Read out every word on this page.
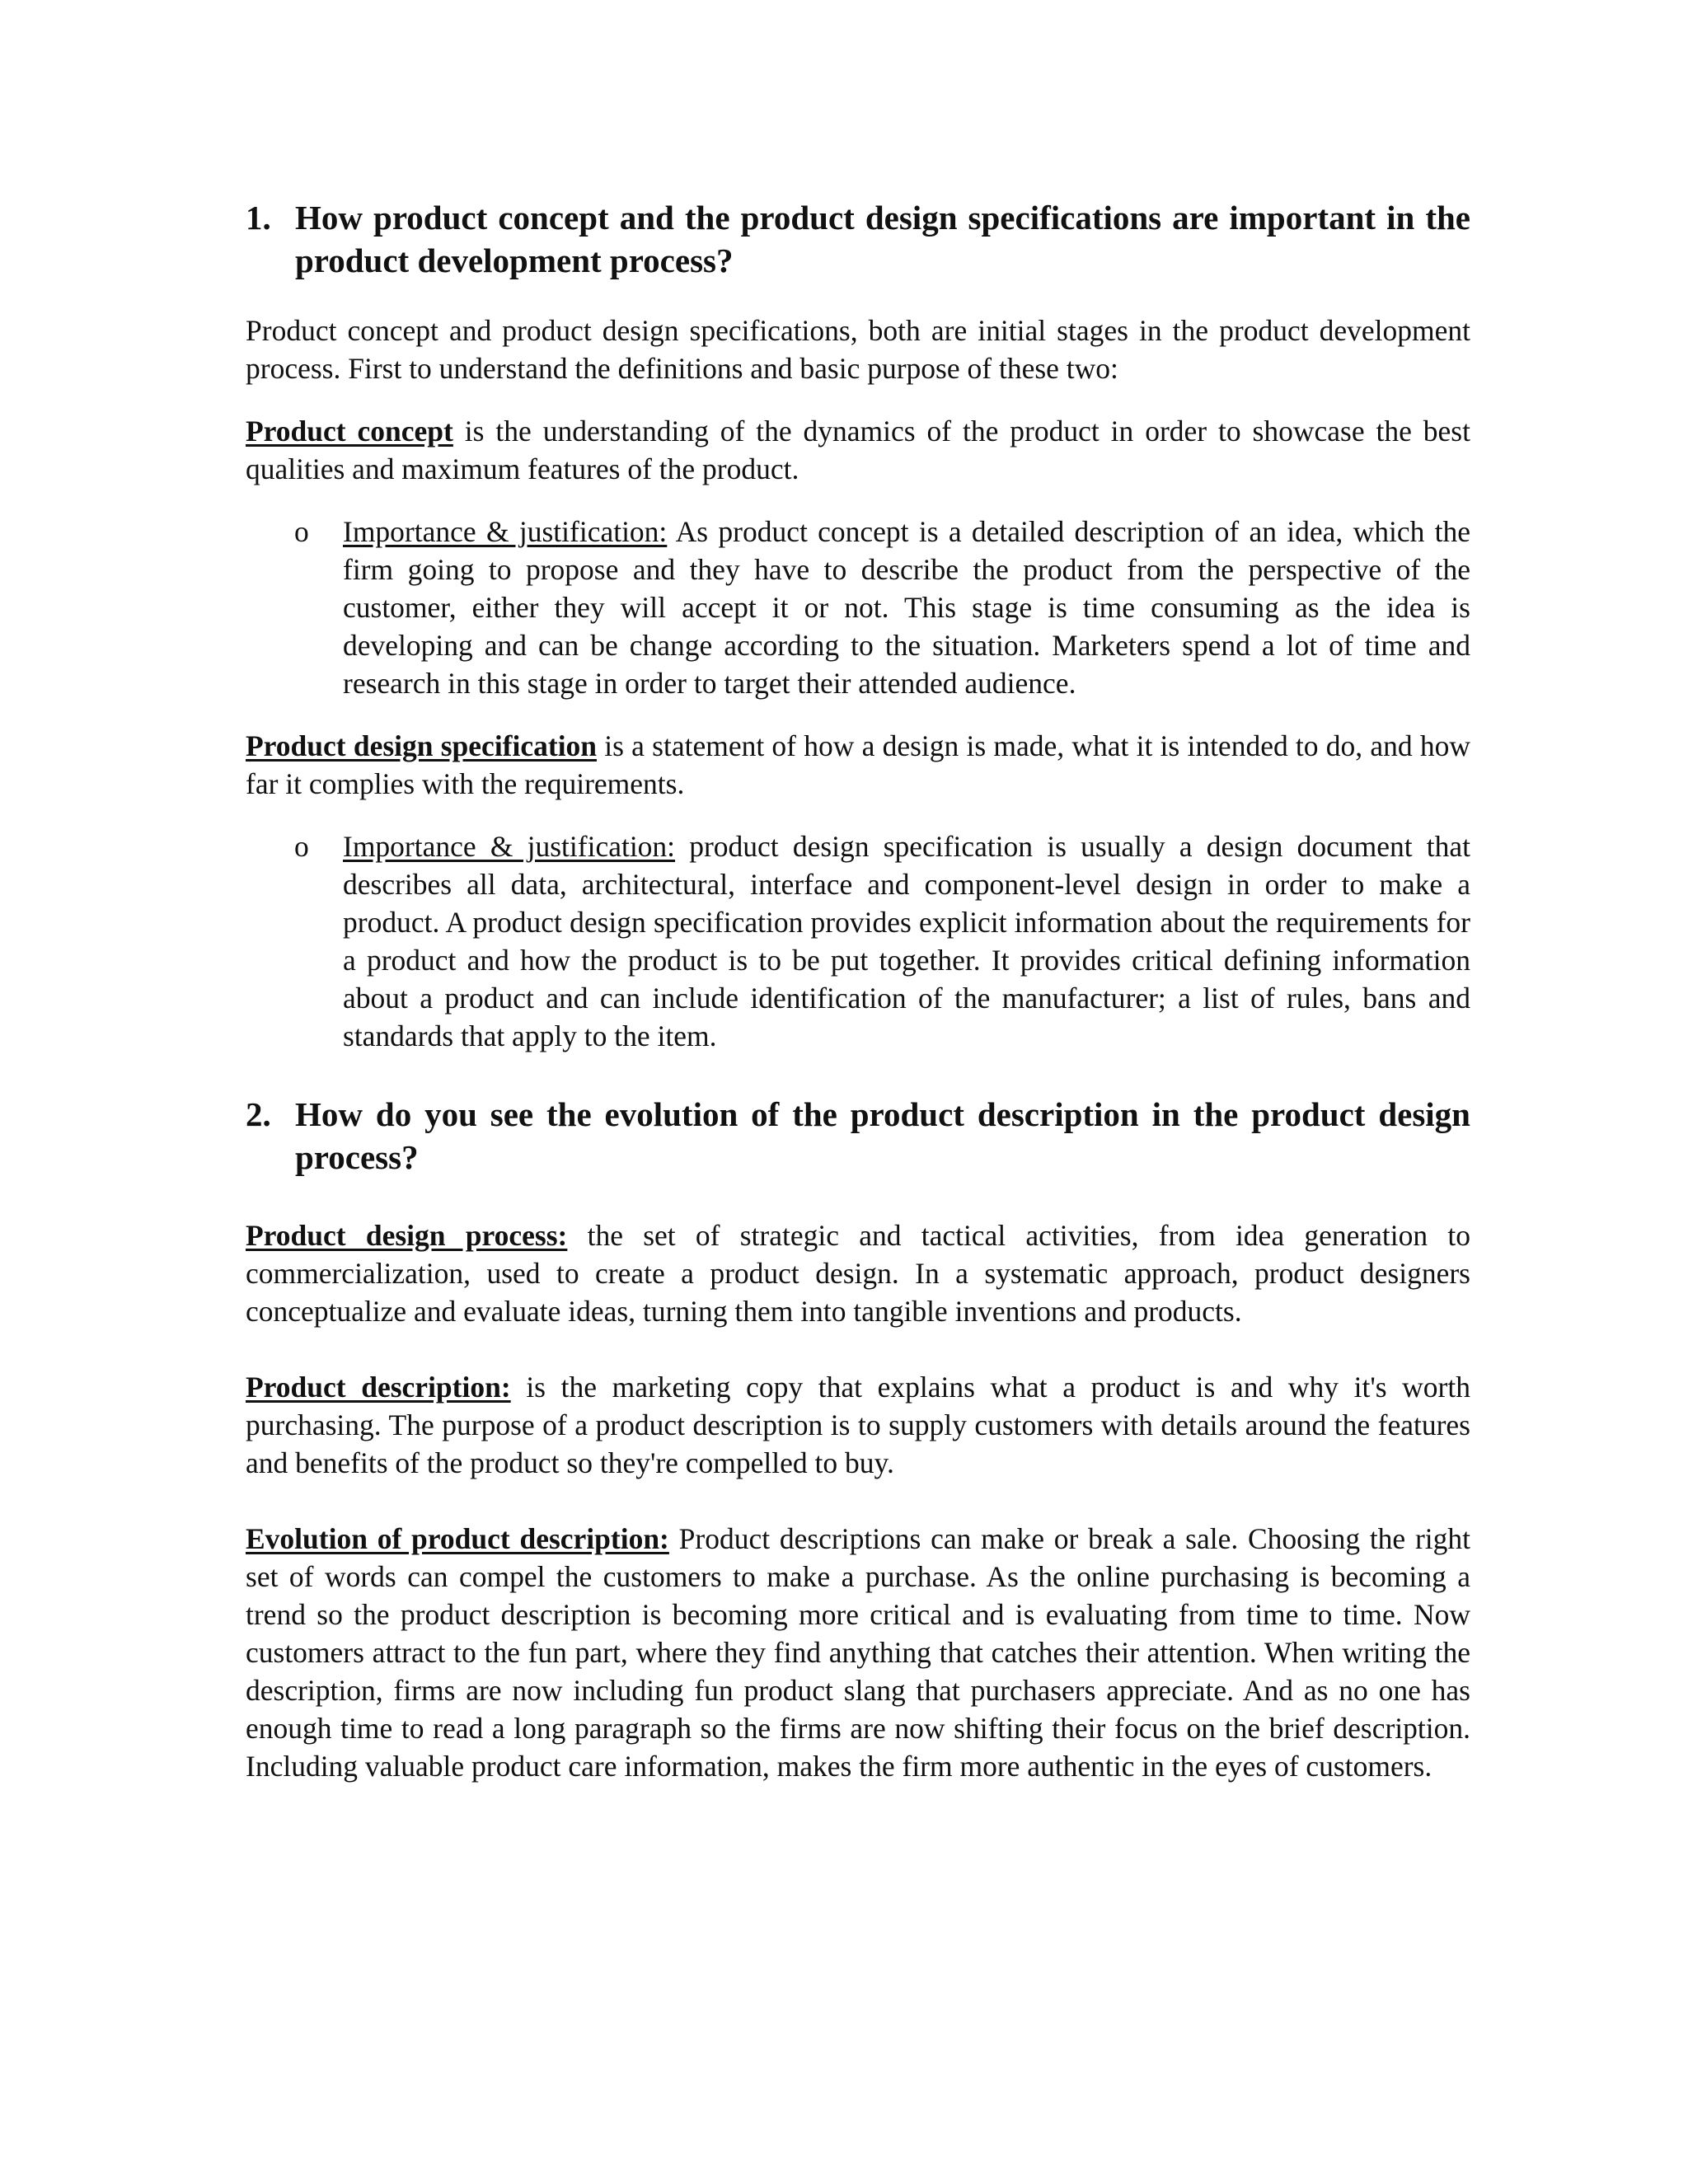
1. How product concept and the product design specifications are important in the product development process?

Product concept and product design specifications, both are initial stages in the product development process. First to understand the definitions and basic purpose of these two:

Product concept is the understanding of the dynamics of the product in order to showcase the best qualities and maximum features of the product.

o	Importance & justification: As product concept is a detailed description of an idea, which the firm going to propose and they have to describe the product from the perspective of the customer, either they will accept it or not. This stage is time consuming as the idea is developing and can be change according to the situation. Marketers spend a lot of time and research in this stage in order to target their attended audience.

Product design specification is a statement of how a design is made, what it is intended to do, and how far it complies with the requirements.

o	Importance & justification: product design specification is usually a design document that describes all data, architectural, interface and component-level design in order to make a product. A product design specification provides explicit information about the requirements for a product and how the product is to be put together. It provides critical defining information about a product and can include identification of the manufacturer; a list of rules, bans and standards that apply to the item.
2. How do you see the evolution of the product description in the product design process?

Product design process: the set of strategic and tactical activities, from idea generation to commercialization, used to create a product design. In a systematic approach, product designers conceptualize and evaluate ideas, turning them into tangible inventions and products.

Product description: is the marketing copy that explains what a product is and why it's worth purchasing. The purpose of a product description is to supply customers with details around the features and benefits of the product so they're compelled to buy.

Evolution of product description: Product descriptions can make or break a sale. Choosing the right set of words can compel the customers to make a purchase. As the online purchasing is becoming a trend so the product description is becoming more critical and is evaluating from time to time. Now customers attract to the fun part, where they find anything that catches their attention. When writing the description, firms are now including fun product slang that purchasers appreciate. And as no one has enough time to read a long paragraph so the firms are now shifting their focus on the brief description. Including valuable product care information, makes the firm more authentic in the eyes of customers.
